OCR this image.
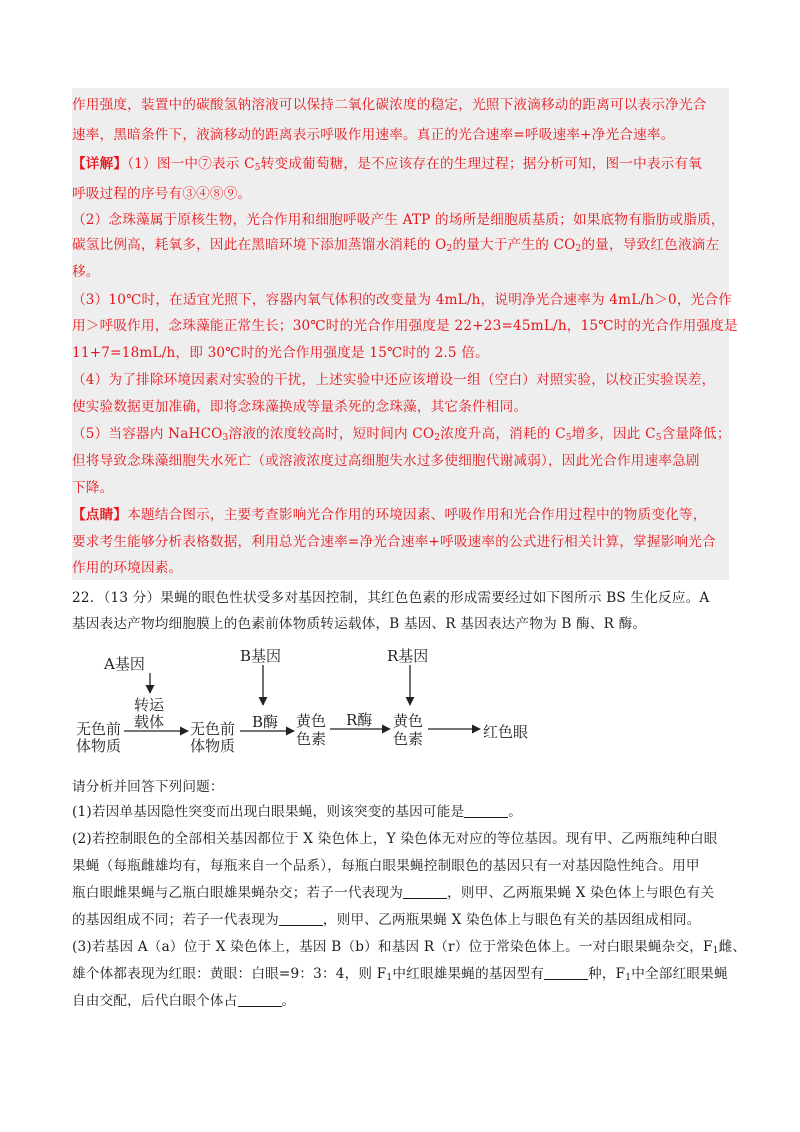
作用强度，装置中的碳酸氢钠溶液可以保持二氧化碳浓度的稳定，光照下液滴移动的距离可以表示净光合
速率，黑暗条件下，液滴移动的距离表示呼吸作用速率。真正的光合速率=呼吸速率+净光合速率。
【详解】（1）图一中⑦表示 $C_5$转变成葡萄糖，是不应该存在的生理过程；据分析可知，图一中表示有氧
呼吸过程的序号有③④⑧⑨。
（2）念珠藻属于原核生物，光合作用和细胞呼吸产生 ATP 的场所是细胞质基质；如果底物有脂肪或脂质，
碳氢比例高，耗氧多，因此在黑暗环境下添加蒸馏水消耗的 $O_2$的量大于产生的 $CO_2$的量，导致红色液滴左
移。
（3）10℃时，在适宜光照下，容器内氧气体积的改变量为 4mL/h，说明净光合速率为 4mL/h＞0，光合作
用＞呼吸作用，念珠藻能正常生长；30℃时的光合作用强度是 22+23=45mL/h，15℃时的光合作用强度是
11+7=18mL/h，即 30℃时的光合作用强度是 15℃时的 2.5 倍。
（4）为了排除环境因素对实验的干扰，上述实验中还应该增设一组（空白）对照实验，以校正实验误差，
使实验数据更加准确，即将念珠藻换成等量杀死的念珠藻，其它条件相同。
（5）当容器内 NaHCO$_3$溶液的浓度较高时，短时间内 $CO_2$浓度升高，消耗的 $C_5$增多，因此 $C_5$含量降低；
但将导致念珠藻细胞失水死亡（或溶液浓度过高细胞失水过多使细胞代谢减弱），因此光合作用速率急剧
下降。
【点睛】本题结合图示，主要考查影响光合作用的环境因素、呼吸作用和光合作用过程中的物质变化等，
要求考生能够分析表格数据，利用总光合速率=净光合速率+呼吸速率的公式进行相关计算，掌握影响光合
作用的环境因素。
22．（13 分）果蝇的眼色性状受多对基因控制，其红色色素的形成需要经过如下图所示 BS 生化反应。A
基因表达产物均细胞膜上的色素前体物质转运载体，B 基因、R 基因表达产物为 B 酶、R 酶。
A基因	B基因	R基因
转运
载体	B酶	R酶
无色前
体物质
无色前
体物质
黄色
色素
黄色
色素	红色眼
请分析并回答下列问题：
(1)若因单基因隐性突变而出现白眼果蝇，则该突变的基因可能是	。
(2)若控制眼色的全部相关基因都位于 X 染色体上，Y 染色体无对应的等位基因。现有甲、乙两瓶纯种白眼
果蝇（每瓶雌雄均有，每瓶来自一个品系），每瓶白眼果蝇控制眼色的基因只有一对基因隐性纯合。用甲
瓶白眼雌果蝇与乙瓶白眼雄果蝇杂交；若子一代表现为	，则甲、乙两瓶果蝇 X 染色体上与眼色有关
的基因组成不同；若子一代表现为	，则甲、乙两瓶果蝇 X 染色体上与眼色有关的基因组成相同。
(3)若基因 A（a）位于 X 染色体上，基因 B（b）和基因 R（r）位于常染色体上。一对白眼果蝇杂交，$F_1$雌、
雄个体都表现为红眼：黄眼：白眼=9：3：4，则 $F_1$中红眼雄果蝇的基因型有	种，$F_1$中全部红眼果蝇
自由交配，后代白眼个体占	。
